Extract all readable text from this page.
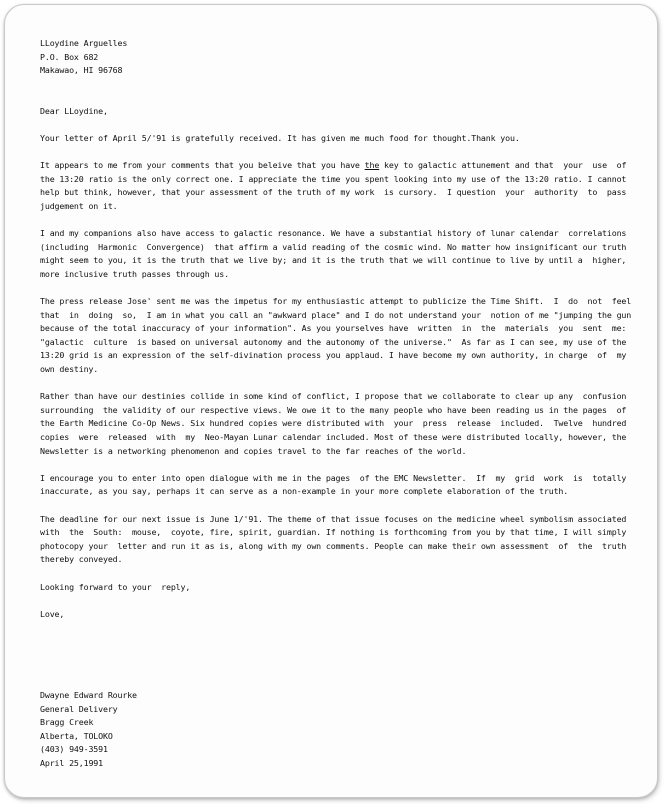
LLoydine Arguelles
P.O. Box 682
Makawao, HI 96768
Dear LLoydine,
Your letter of April 5/'91 is gratefully received. It has given me much food for thought.Thank you.
It appears to me from your comments that you beleive that you have the key to galactic attunement and that  your  use  of
the 13:20 ratio is the only correct one. I appreciate the time you spent looking into my use of the 13:20 ratio. I cannot
help but think, however, that your assessment of the truth of my work  is cursory.  I question  your  authority  to  pass
judgement on it.
I and my companions also have access to galactic resonance. We have a substantial history of lunar calendar  correlations
(including  Harmonic  Convergence)  that affirm a valid reading of the cosmic wind. No matter how insignificant our truth
might seem to you, it is the truth that we live by; and it is the truth that we will continue to live by until a  higher,
more inclusive truth passes through us.
The press release Jose' sent me was the impetus for my enthusiastic attempt to publicize the Time Shift.  I  do  not  feel
that  in  doing  so,  I am in what you call an "awkward place" and I do not understand your  notion of me "jumping the gun
because of the total inaccuracy of your information". As you yourselves have  written  in  the  materials  you  sent  me:
"galactic  culture  is based on universal autonomy and the autonomy of the universe."  As far as I can see, my use of the
13:20 grid is an expression of the self-divination process you applaud. I have become my own authority, in charge  of  my
own destiny.
Rather than have our destinies collide in some kind of conflict, I propose that we collaborate to clear up any  confusion
surrounding  the validity of our respective views. We owe it to the many people who have been reading us in the pages  of
the Earth Medicine Co-Op News. Six hundred copies were distributed with  your  press  release  included.  Twelve  hundred
copies  were  released  with  my  Neo-Mayan Lunar calendar included. Most of these were distributed locally, however, the
Newsletter is a networking phenomenon and copies travel to the far reaches of the world.
I encourage you to enter into open dialogue with me in the pages  of the EMC Newsletter.  If  my  grid  work  is  totally
inaccurate, as you say, perhaps it can serve as a non-example in your more complete elaboration of the truth.
The deadline for our next issue is June 1/'91. The theme of that issue focuses on the medicine wheel symbolism associated
with  the  South:  mouse,  coyote, fire, spirit, guardian. If nothing is forthcoming from you by that time, I will simply
photocopy your  letter and run it as is, along with my own comments. People can make their own assessment  of  the  truth
thereby conveyed.
Looking forward to your  reply,
Love,
Dwayne Edward Rourke
General Delivery
Bragg Creek
Alberta, TOLOKO
(403) 949-3591
April 25,1991
